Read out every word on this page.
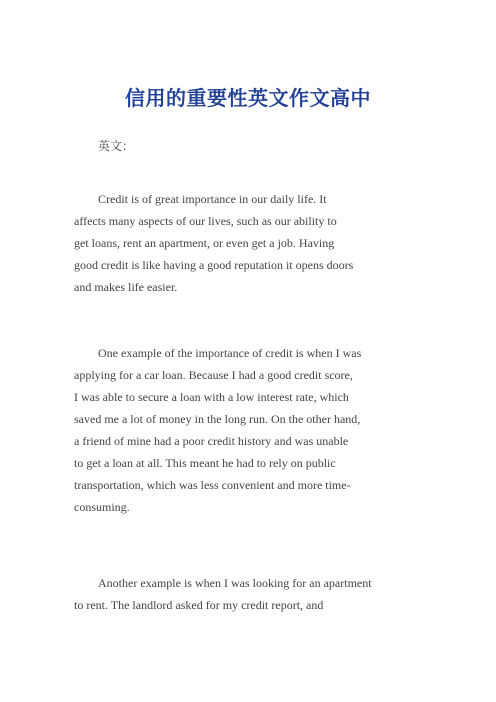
信用的重要性英文作文高中
英文：
Credit is of great importance in our daily life. It
affects many aspects of our lives, such as our ability to
get loans, rent an apartment, or even get a job. Having
good credit is like having a good reputation it opens doors
and makes life easier.
One example of the importance of credit is when I was
applying for a car loan. Because I had a good credit score,
I was able to secure a loan with a low interest rate, which
saved me a lot of money in the long run. On the other hand,
a friend of mine had a poor credit history and was unable
to get a loan at all. This meant he had to rely on public
transportation, which was less convenient and more time-
consuming.
Another example is when I was looking for an apartment
to rent. The landlord asked for my credit report, and
